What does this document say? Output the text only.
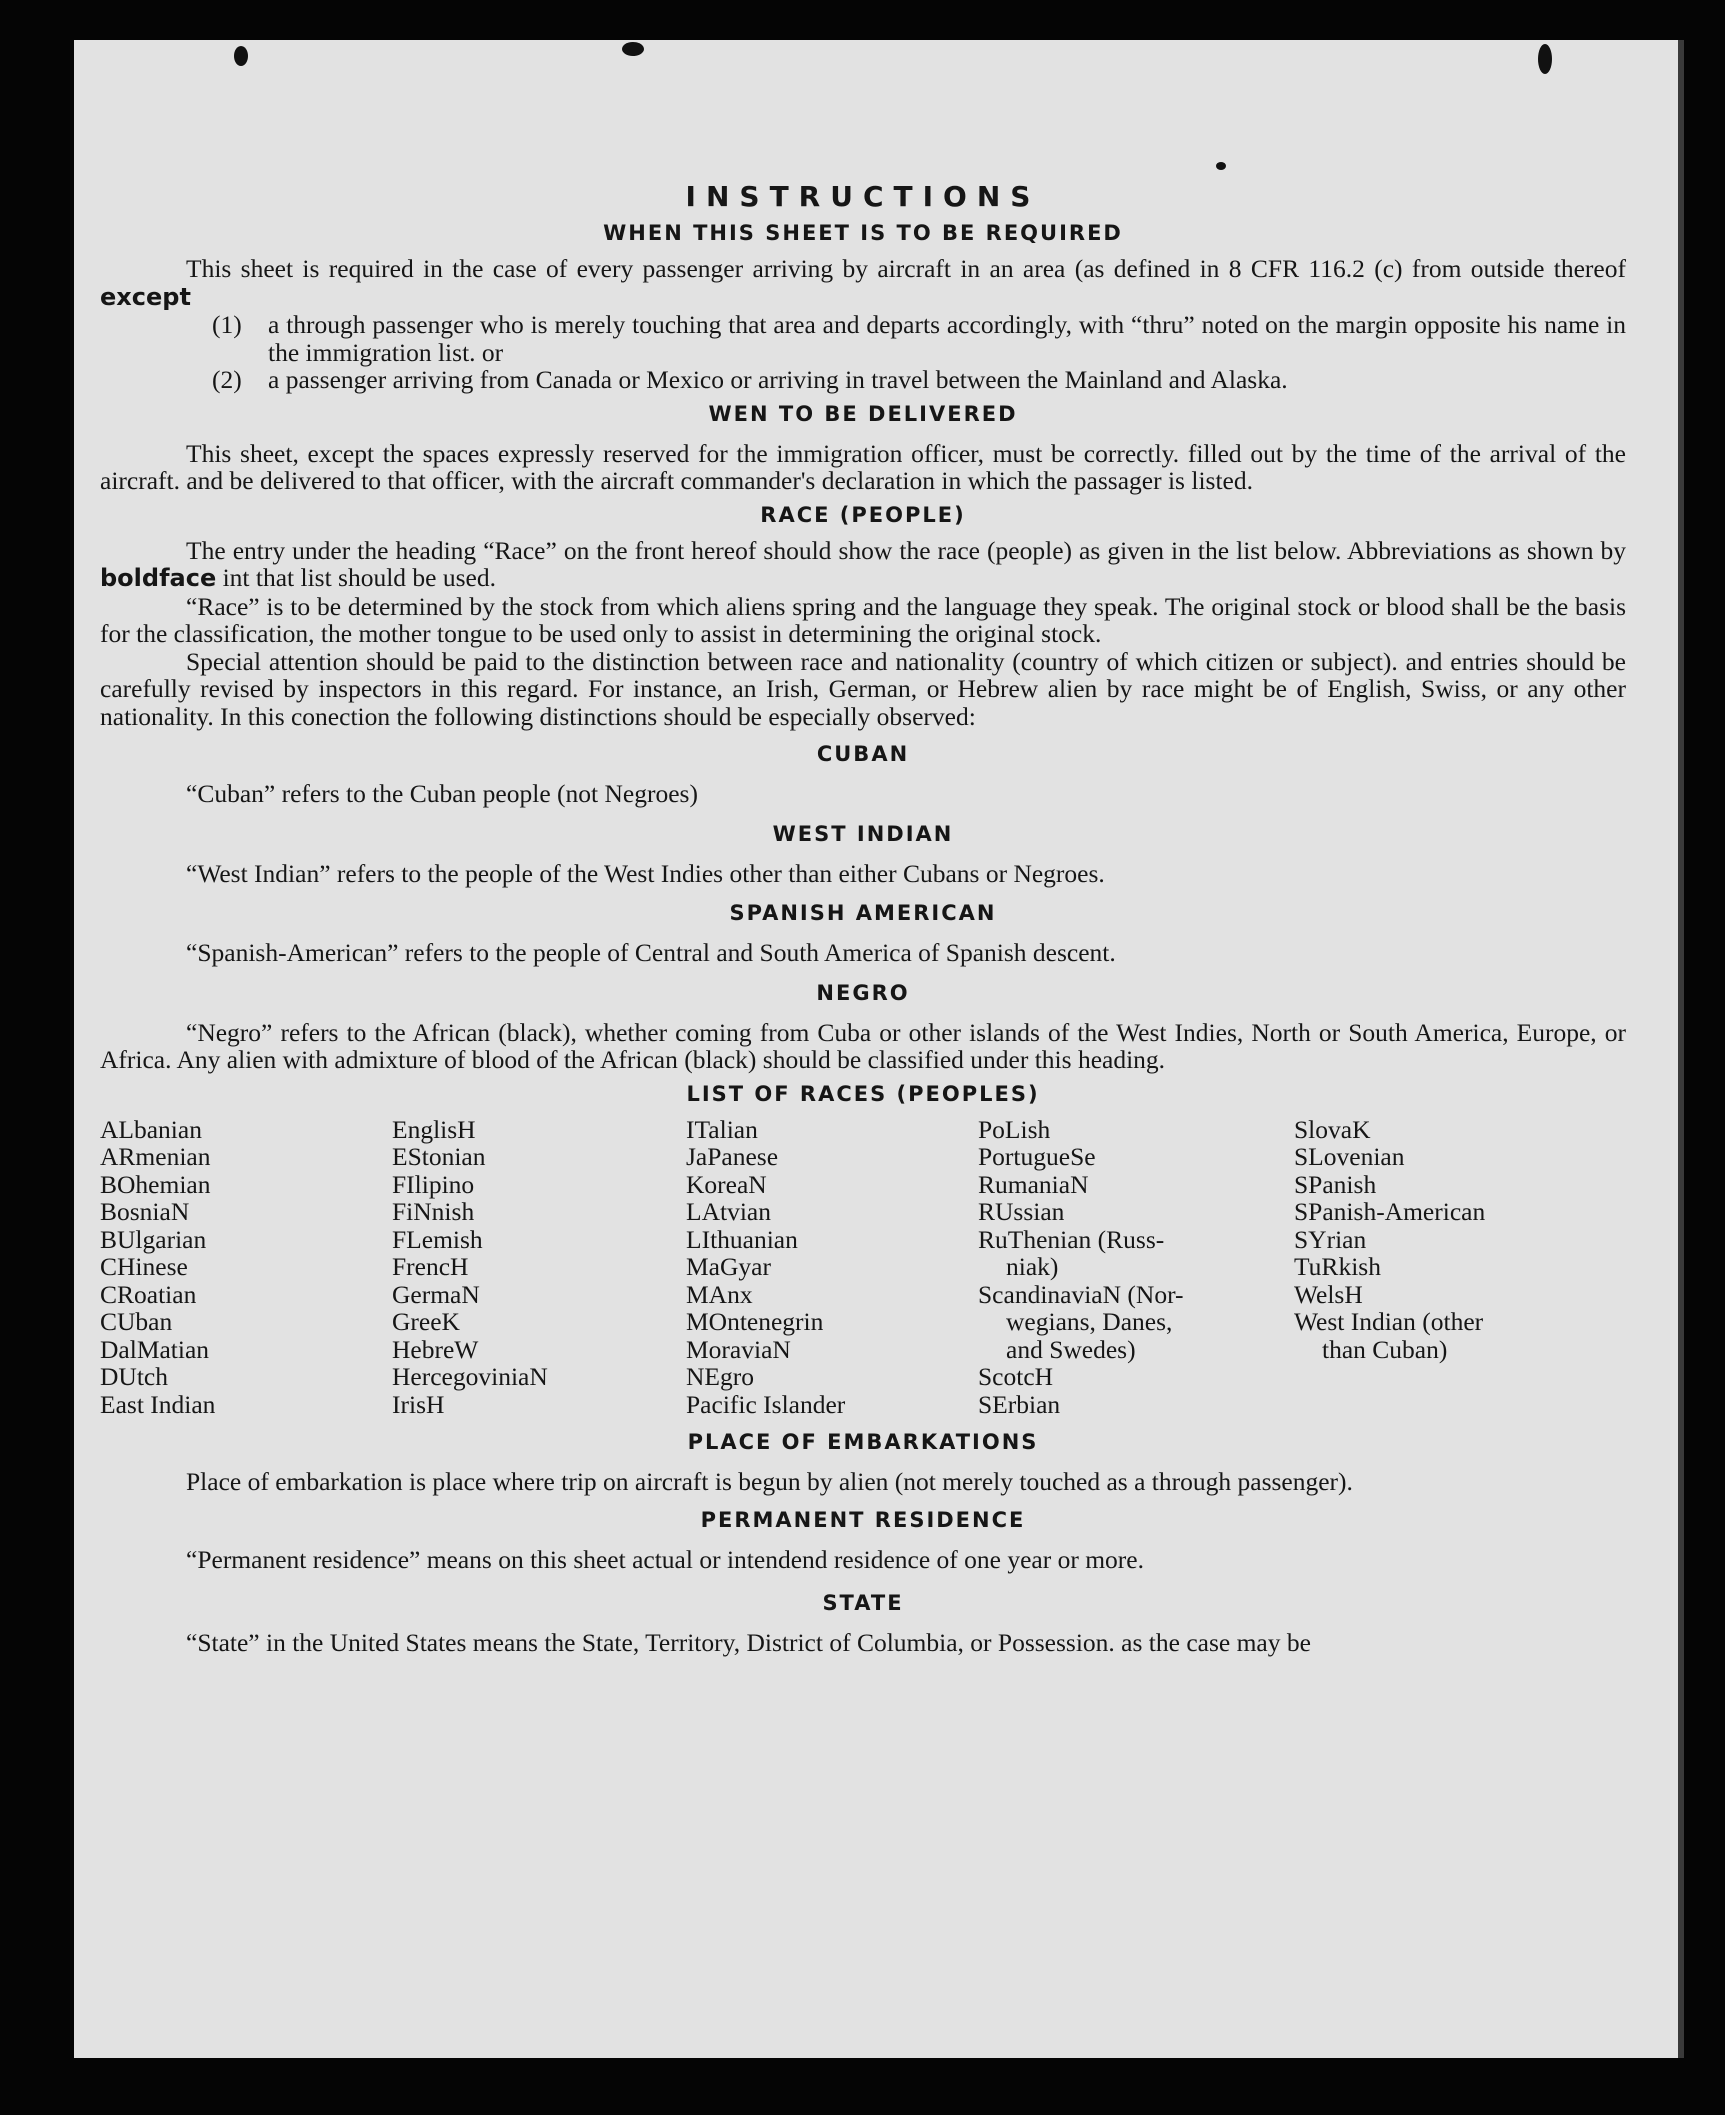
INSTRUCTIONS
WHEN THIS SHEET IS TO BE REQUIRED

This sheet is required in the case of every passenger arriving by aircraft in an area (as defined in 8 CFR 116.2 (c) from outside thereof except

(1)	a through passenger who is merely touching that area and departs accordingly, with “thru” noted on the margin opposite his name in the immigration list. or
(2)	a passenger arriving from Canada or Mexico or arriving in travel between the Mainland and Alaska.
WEN TO BE DELIVERED

This sheet, except the spaces expressly reserved for the immigration officer, must be correctly. filled out by the time of the arrival of the aircraft. and be delivered to that officer, with the aircraft commander's declaration in which the passager is listed.

RACE (PEOPLE)

The entry under the heading “Race” on the front hereof should show the race (people) as given in the list below. Abbreviations as shown by boldface int that list should be used.

“Race” is to be determined by the stock from which aliens spring and the language they speak. The original stock or blood shall be the basis for the classification, the mother tongue to be used only to assist in determining the original stock.

Special attention should be paid to the distinction between race and nationality (country of which citizen or subject). and entries should be carefully revised by inspectors in this regard. For instance, an Irish, German, or Hebrew alien by race might be of English, Swiss, or any other nationality. In this conection the following distinctions should be especially observed:

CUBAN

“Cuban” refers to the Cuban people (not Negroes)

WEST INDIAN

“West Indian” refers to the people of the West Indies other than either Cubans or Negroes.

SPANISH AMERICAN

“Spanish-American” refers to the people of Central and South America of Spanish descent.

NEGRO

“Negro” refers to the African (black), whether coming from Cuba or other islands of the West Indies, North or South America, Europe, or Africa. Any alien with admixture of blood of the African (black) should be classified under this heading.

LIST OF RACES (PEOPLES)
ALbanian
ARmenian
BOhemian
BosniaN
BUlgarian
CHinese
CRoatian
CUban
DalMatian
DUtch
East Indian
EnglisH
EStonian
FIlipino
FiNnish
FLemish
FrencH
GermaN
GreeK
HebreW
HercegoviniaN
IrisH
ITalian
JaPanese
KoreaN
LAtvian
LIthuanian
MaGyar
MAnx
MOntenegrin
MoraviaN
NEgro
Pacific Islander
PoLish
PortugueSe
RumaniaN
RUssian
RuThenian (Russ-
niak)
ScandinaviaN (Nor-
wegians, Danes,
and Swedes)
ScotcH
SErbian
SlovaK
SLovenian
SPanish
SPanish-American
SYrian
TuRkish
WelsH
West Indian (other
than Cuban)
PLACE OF EMBARKATIONS

Place of embarkation is place where trip on aircraft is begun by alien (not merely touched as a through passenger).

PERMANENT RESIDENCE

“Permanent residence” means on this sheet actual or intendend residence of one year or more.

STATE

“State” in the United States means the State, Territory, District of Columbia, or Possession. as the case may be
